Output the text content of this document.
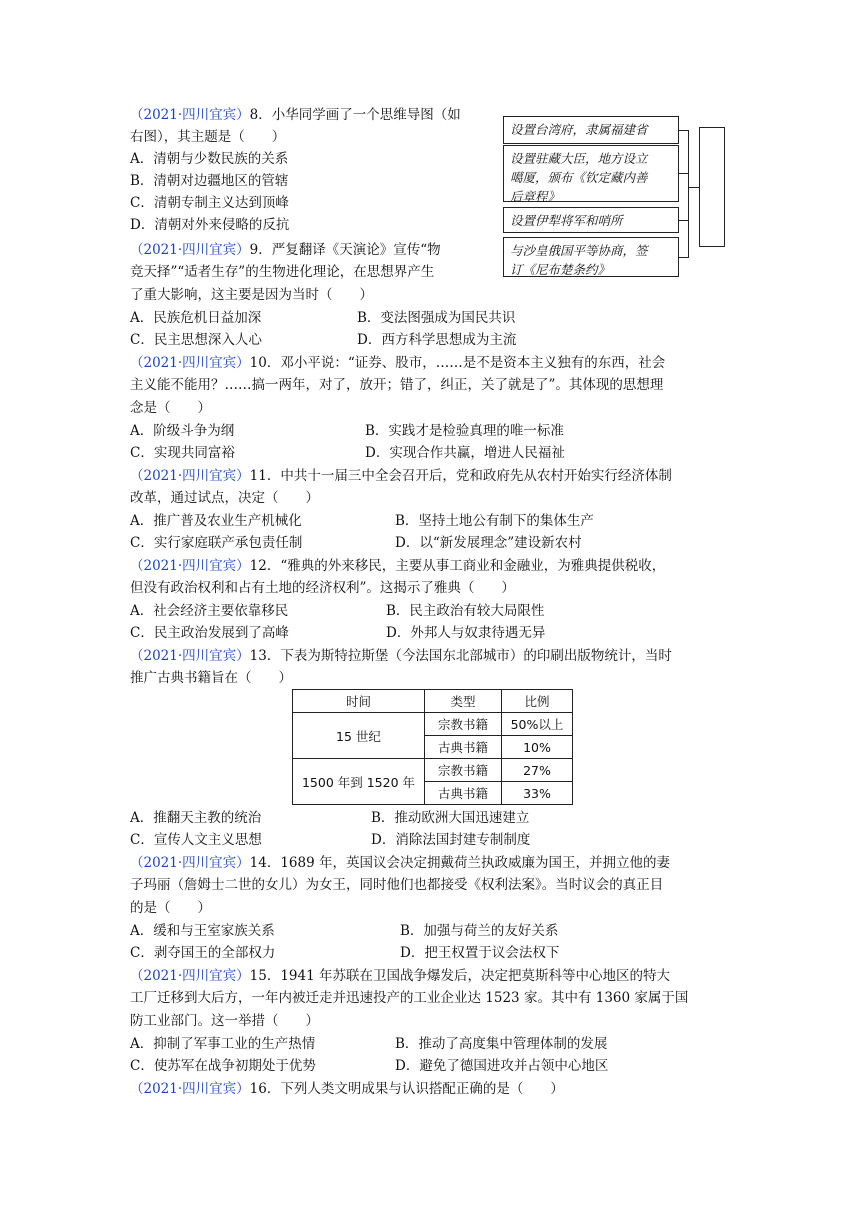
（2021·四川宜宾）8．小华同学画了一个思维导图（如
右图），其主题是（　　）
A．清朝与少数民族的关系
B．清朝对边疆地区的管辖
C．清朝专制主义达到顶峰
D．清朝对外来侵略的反抗
设置台湾府，隶属福建省
设置驻藏大臣，地方设立
噶厦，颁布《钦定藏内善
后章程》
设置伊犁将军和哨所
与沙皇俄国平等协商，签
订《尼布楚条约》
（2021·四川宜宾）9．严复翻译《天演论》宣传“物
竞天择”“适者生存”的生物进化理论，在思想界产生
了重大影响，这主要是因为当时（　　）
A．民族危机日益加深	B．变法图强成为国民共识
C．民主思想深入人心	D．西方科学思想成为主流
（2021·四川宜宾）10．邓小平说：“证券、股市，……是不是资本主义独有的东西，社会
主义能不能用？……搞一两年，对了，放开；错了，纠正，关了就是了”。其体现的思想理
念是（　　）
A．阶级斗争为纲	B．实践才是检验真理的唯一标准
C．实现共同富裕	D．实现合作共赢，增进人民福祉
（2021·四川宜宾）11．中共十一届三中全会召开后，党和政府先从农村开始实行经济体制
改革，通过试点，决定（　　）
A．推广普及农业生产机械化	B．坚持土地公有制下的集体生产
C．实行家庭联产承包责任制	D．以“新发展理念”建设新农村
（2021·四川宜宾）12．“雅典的外来移民，主要从事工商业和金融业，为雅典提供税收，
但没有政治权利和占有土地的经济权利”。这揭示了雅典（　　）
A．社会经济主要依靠移民	B．民主政治有较大局限性
C．民主政治发展到了高峰	D．外邦人与奴隶待遇无异
（2021·四川宜宾）13．下表为斯特拉斯堡（今法国东北部城市）的印刷出版物统计，当时
推广古典书籍旨在（　　）
时间	类型	比例
15 世纪	宗教书籍	50%以上
	古典书籍	10%
1500 年到 1520 年	宗教书籍	27%
	古典书籍	33%
A．推翻天主教的统治	B．推动欧洲大国迅速建立
C．宣传人文主义思想	D．消除法国封建专制制度
（2021·四川宜宾）14．1689 年，英国议会决定拥戴荷兰执政威廉为国王，并拥立他的妻
子玛丽（詹姆士二世的女儿）为女王，同时他们也都接受《权利法案》。当时议会的真正目
的是（　　）
A．缓和与王室家族关系	B．加强与荷兰的友好关系
C．剥夺国王的全部权力	D．把王权置于议会法权下
（2021·四川宜宾）15．1941 年苏联在卫国战争爆发后，决定把莫斯科等中心地区的特大
工厂迁移到大后方，一年内被迁走并迅速投产的工业企业达 1523 家。其中有 1360 家属于国
防工业部门。这一举措（　　）
A．抑制了军事工业的生产热情	B．推动了高度集中管理体制的发展
C．使苏军在战争初期处于优势	D．避免了德国进攻并占领中心地区
（2021·四川宜宾）16．下列人类文明成果与认识搭配正确的是（　　）
